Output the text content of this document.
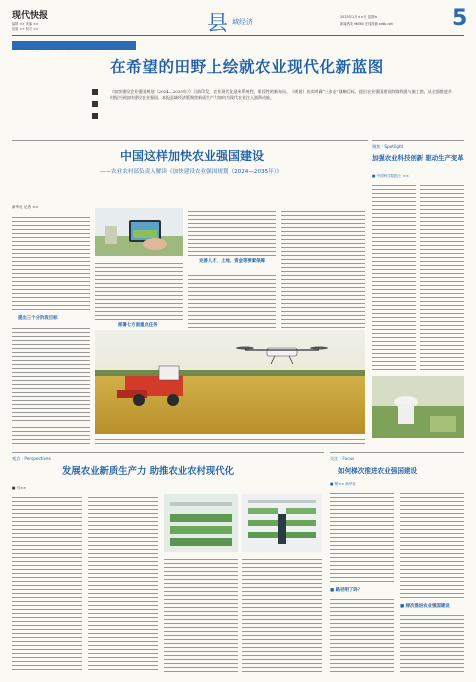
现代快报
编辑 ×× 美编 ××
组版 ×× 校对 ××	县 域经济
2025年1月××日 星期×
新闻热线 96060 在线投稿 xdkb.net	5
【新质引擎激发产业跃升】
在希望的田野上绘就农业现代化新蓝图
《加快建设农业强国规划（2024—2035年）》日前印发，农业现代化迎来系统性、阶段性的新布局。《规划》首次明确“三步走”战略目标，提出农业强国建设的路线图与施工图。从全面推进乡村振兴到加快建设农业强国，本报县域经济版聚焦新质生产力如何为现代农业注入澎湃动能。
中国这样加快农业强国建设
——农业农村部负责人解读《加快建设农业强国规划（2024—2035年）》
新华社 记者 ××
提出三个分阶段目标
部署七方面重点任务
完善人才、土地、资金等要素保障
聚焦 · Spotlight
加强农业科技创新 驱动生产变革
■ 中国科学院院士 ××
观点 · Perspectives
发展农业新质生产力 助推农业农村现代化
■ 马××
关注 · Focus
如何梯次推进农业强国建设
■ 樊×× 新华社
■ 路径明了吗？
■ 梯次推进农业强国建设
